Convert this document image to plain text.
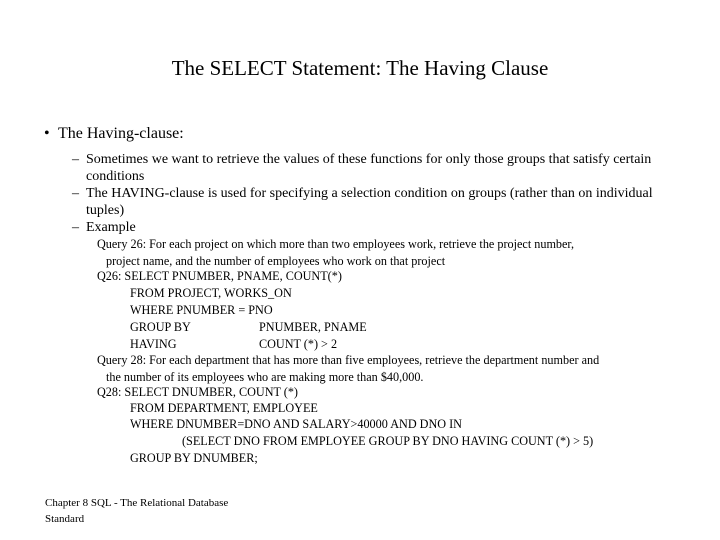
The SELECT Statement: The Having Clause
• The Having-clause:
– Sometimes we want to retrieve the values of these functions for only those groups that satisfy certain conditions
– The HAVING-clause is used for specifying a selection condition on groups (rather than on individual tuples)
– Example
Query 26: For each project on which more than two employees work, retrieve the project number,
project name, and the number of employees who work on that project
Q26: SELECT PNUMBER, PNAME, COUNT(*)
FROM PROJECT, WORKS_ON
WHERE PNUMBER = PNO
GROUP BY	PNUMBER, PNAME
HAVING	COUNT (*) > 2
Query 28: For each department that has more than five employees, retrieve the department number and
the number of its employees who are making more than $40,000.
Q28: SELECT DNUMBER, COUNT (*)
FROM DEPARTMENT, EMPLOYEE
WHERE DNUMBER=DNO AND SALARY>40000 AND DNO IN
(SELECT DNO FROM EMPLOYEE GROUP BY DNO HAVING COUNT (*) > 5)
GROUP BY DNUMBER;
Chapter 8 SQL - The Relational Database
Standard
